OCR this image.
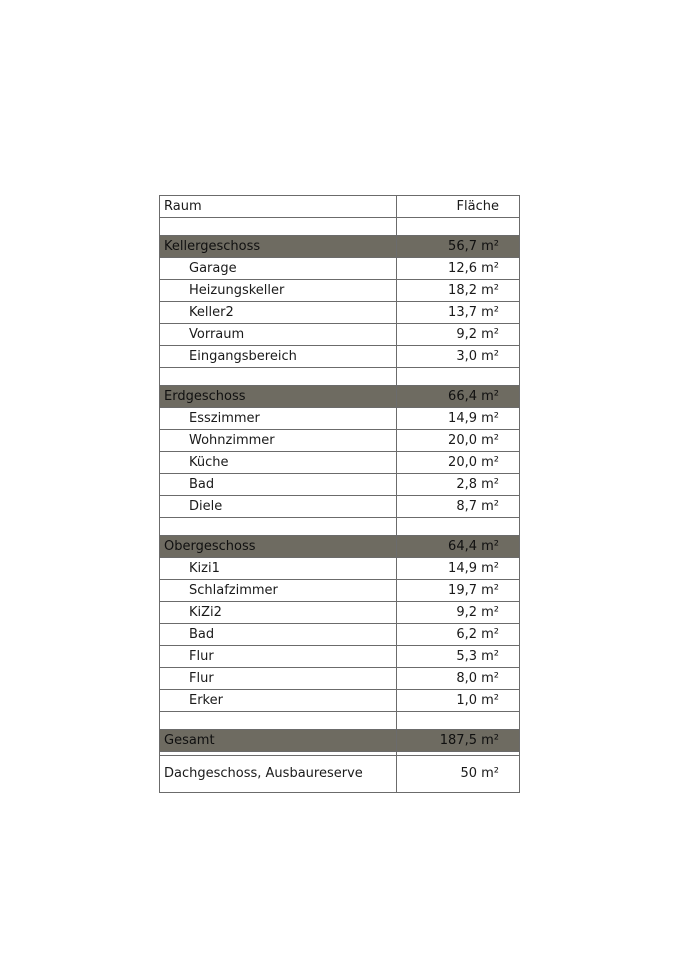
Raum	Fläche

Kellergeschoss	56,7 m²
Garage	12,6 m²
Heizungskeller	18,2 m²
Keller2	13,7 m²
Vorraum	9,2 m²
Eingangsbereich	3,0 m²

Erdgeschoss	66,4 m²
Esszimmer	14,9 m²
Wohnzimmer	20,0 m²
Küche	20,0 m²
Bad	2,8 m²
Diele	8,7 m²

Obergeschoss	64,4 m²
Kizi1	14,9 m²
Schlafzimmer	19,7 m²
KiZi2	9,2 m²
Bad	6,2 m²
Flur	5,3 m²
Flur	8,0 m²
Erker	1,0 m²

Gesamt	187,5 m²

Dachgeschoss, Ausbaureserve	50 m²
